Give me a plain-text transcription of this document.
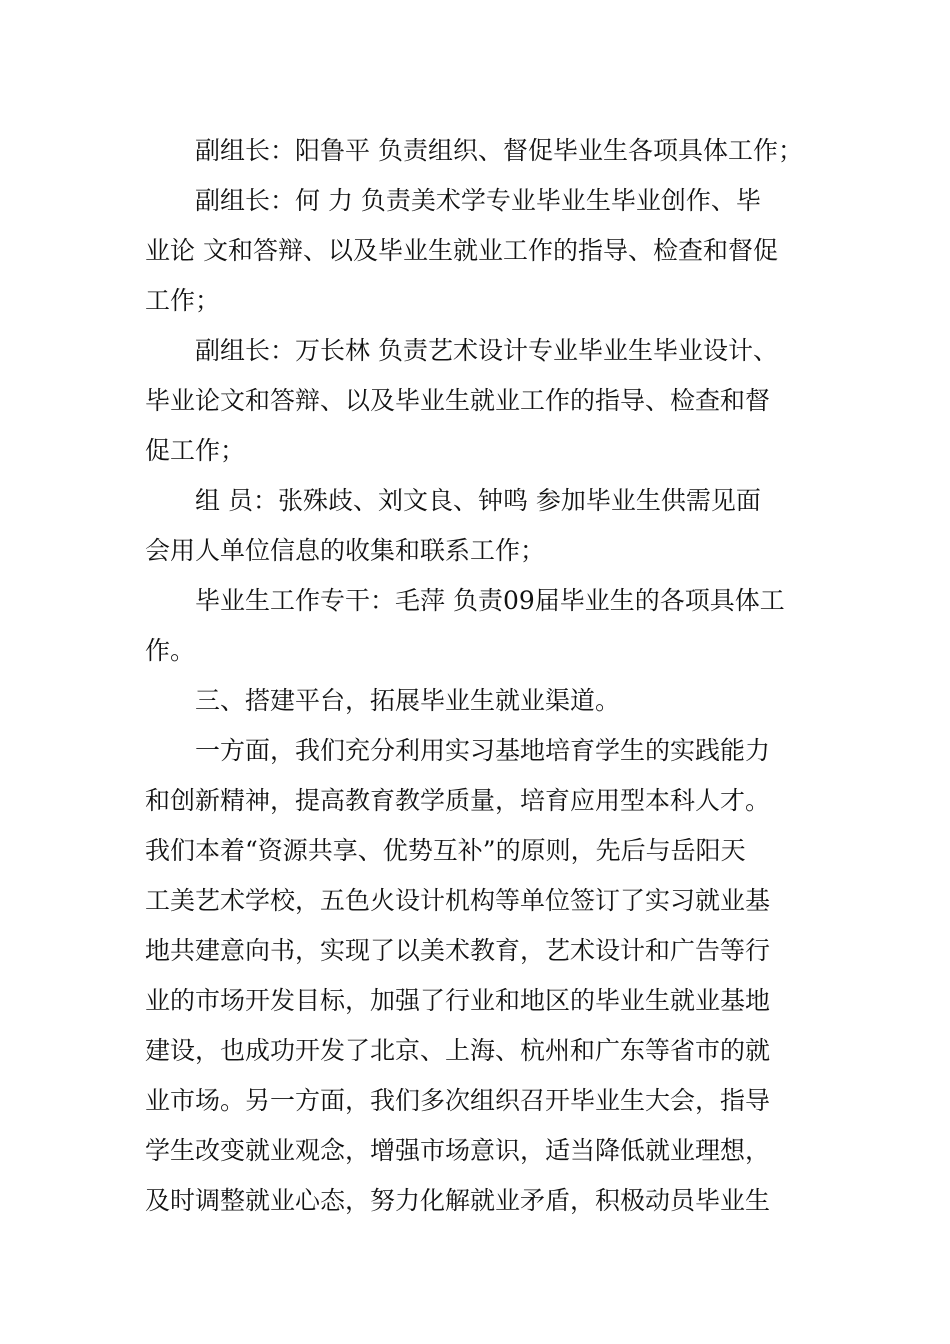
副组长：阳鲁平 负责组织、督促毕业生各项具体工作；
副组长：何 力 负责美术学专业毕业生毕业创作、毕
业论 文和答辩、以及毕业生就业工作的指导、检查和督促
工作；
副组长：万长林 负责艺术设计专业毕业生毕业设计、
毕业论文和答辩、以及毕业生就业工作的指导、检查和督
促工作；
组 员：张殊歧、刘文良、钟鸣 参加毕业生供需见面
会用人单位信息的收集和联系工作；
毕业生工作专干：毛萍 负责09届毕业生的各项具体工
作。
三、搭建平台，拓展毕业生就业渠道。
一方面，我们充分利用实习基地培育学生的实践能力
和创新精神，提高教育教学质量，培育应用型本科人才。
我们本着“资源共享、优势互补”的原则，先后与岳阳天
工美艺术学校，五色火设计机构等单位签订了实习就业基
地共建意向书，实现了以美术教育，艺术设计和广告等行
业的市场开发目标，加强了行业和地区的毕业生就业基地
建设，也成功开发了北京、上海、杭州和广东等省市的就
业市场。另一方面，我们多次组织召开毕业生大会，指导
学生改变就业观念，增强市场意识，适当降低就业理想，
及时调整就业心态，努力化解就业矛盾，积极动员毕业生
